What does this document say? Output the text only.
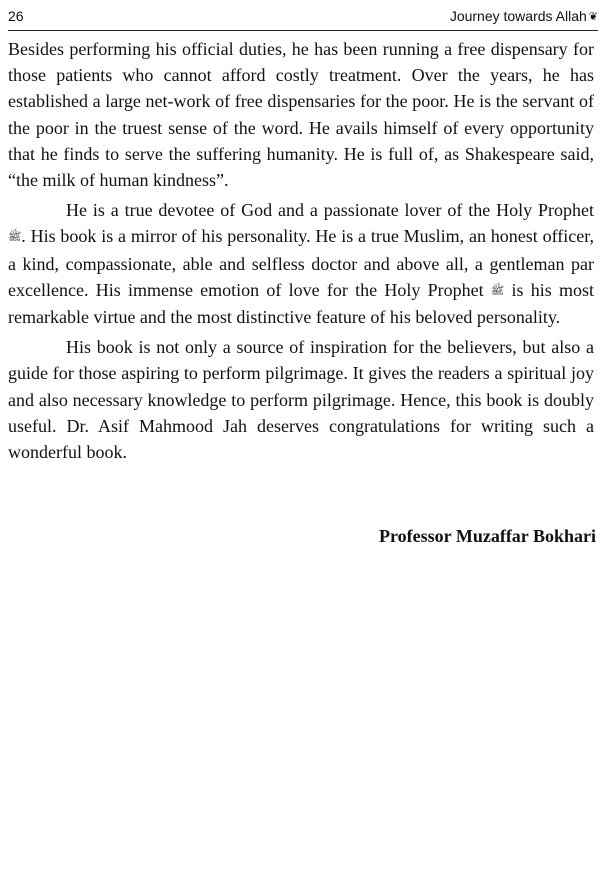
26	Journey towards Allah ❦

Besides performing his official duties, he has been running a free dispensary for those patients who cannot afford costly treatment. Over the years, he has established a large net-work of free dispensaries for the poor. He is the servant of the poor in the truest sense of the word. He avails himself of every opportunity that he finds to serve the suffering humanity. He is full of, as Shakespeare said, “the milk of human kindness”.

He is a true devotee of God and a passionate lover of the Holy Prophet ﷺ. His book is a mirror of his personality. He is a true Muslim, an honest officer, a kind, compassionate, able and selfless doctor and above all, a gentleman par excellence. His immense emotion of love for the Holy Prophet ﷺ is his most remarkable virtue and the most distinctive feature of his beloved personality.

His book is not only a source of inspiration for the believers, but also a guide for those aspiring to perform pilgrimage. It gives the readers a spiritual joy and also necessary knowledge to perform pilgrimage. Hence, this book is doubly useful. Dr. Asif Mahmood Jah deserves congratulations for writing such a wonderful book.

Professor Muzaffar Bokhari
